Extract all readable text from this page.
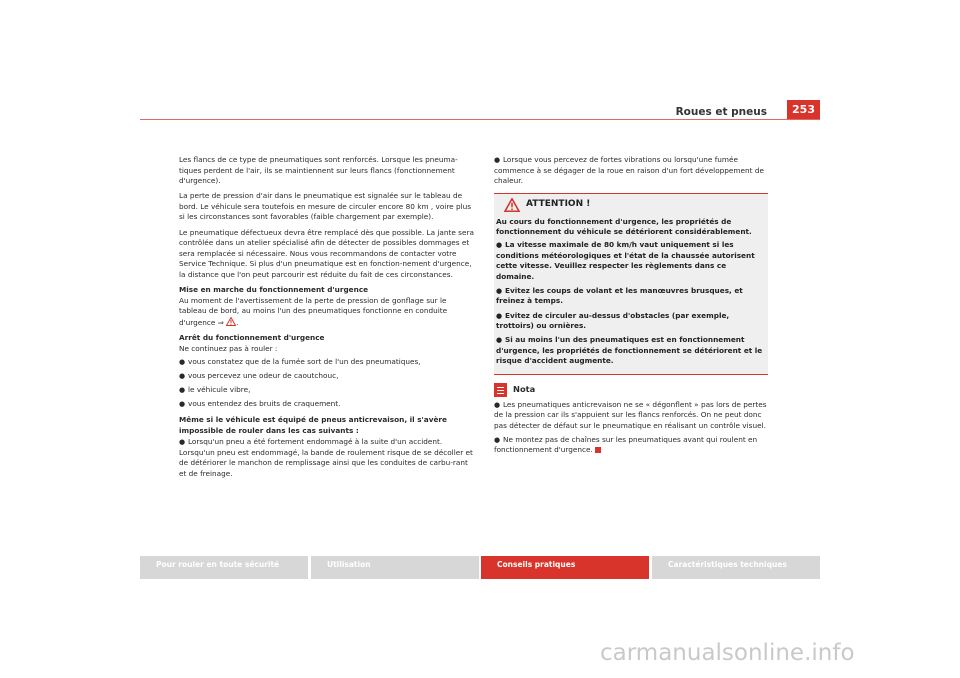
Roues et pneus	253

Les flancs de ce type de pneumatiques sont renforcés. Lorsque les pneuma-tiques perdent de l'air, ils se maintiennent sur leurs flancs (fonctionnement d'urgence).

La perte de pression d'air dans le pneumatique est signalée sur le tableau de bord. Le véhicule sera toutefois en mesure de circuler encore 80 km , voire plus si les circonstances sont favorables (faible chargement par exemple).

Le pneumatique défectueux devra être remplacé dès que possible. La jante sera contrôlée dans un atelier spécialisé afin de détecter de possibles dommages et sera remplacée si nécessaire. Nous vous recommandons de contacter votre Service Technique. Si plus d'un pneumatique est en fonction-nement d'urgence, la distance que l'on peut parcourir est réduite du fait de ces circonstances.

Mise en marche du fonctionnement d'urgence

Au moment de l'avertissement de la perte de pression de gonflage sur le tableau de bord, au moins l'un des pneumatiques fonctionne en conduite d'urgence ⇒ .

Arrêt du fonctionnement d'urgence

Ne continuez pas à rouler :

● vous constatez que de la fumée sort de l'un des pneumatiques,
● vous percevez une odeur de caoutchouc,
● le véhicule vibre,
● vous entendez des bruits de craquement.

Même si le véhicule est équipé de pneus anticrevaison, il s'avère impossible de rouler dans les cas suivants :

● Lorsqu'un pneu a été fortement endommagé à la suite d'un accident.

Lorsqu'un pneu est endommagé, la bande de roulement risque de se décoller et de détériorer le manchon de remplissage ainsi que les conduites de carbu-rant et de freinage.

● Lorsque vous percevez de fortes vibrations ou lorsqu'une fumée commence à se dégager de la roue en raison d'un fort développement de chaleur.
ATTENTION !

Au cours du fonctionnement d'urgence, les propriétés de fonctionnement du véhicule se détériorent considérablement.

● La vitesse maximale de 80 km/h vaut uniquement si les conditions météorologiques et l'état de la chaussée autorisent cette vitesse. Veuillez respecter les règlements dans ce domaine.
● Evitez les coups de volant et les manœuvres brusques, et freinez à temps.
● Evitez de circuler au-dessus d'obstacles (par exemple, trottoirs) ou ornières.
● Si au moins l'un des pneumatiques est en fonctionnement d'urgence, les propriétés de fonctionnement se détériorent et le risque d'accident augmente.
Nota
● Les pneumatiques anticrevaison ne se « dégonflent » pas lors de pertes de la pression car ils s'appuient sur les flancs renforcés. On ne peut donc pas détecter de défaut sur le pneumatique en réalisant un contrôle visuel.
● Ne montez pas de chaînes sur les pneumatiques avant qui roulent en fonctionnement d'urgence.
Pour rouler en toute sécurité	Utilisation	Conseils pratiques	Caractéristiques techniques
carmanualsonline.info
